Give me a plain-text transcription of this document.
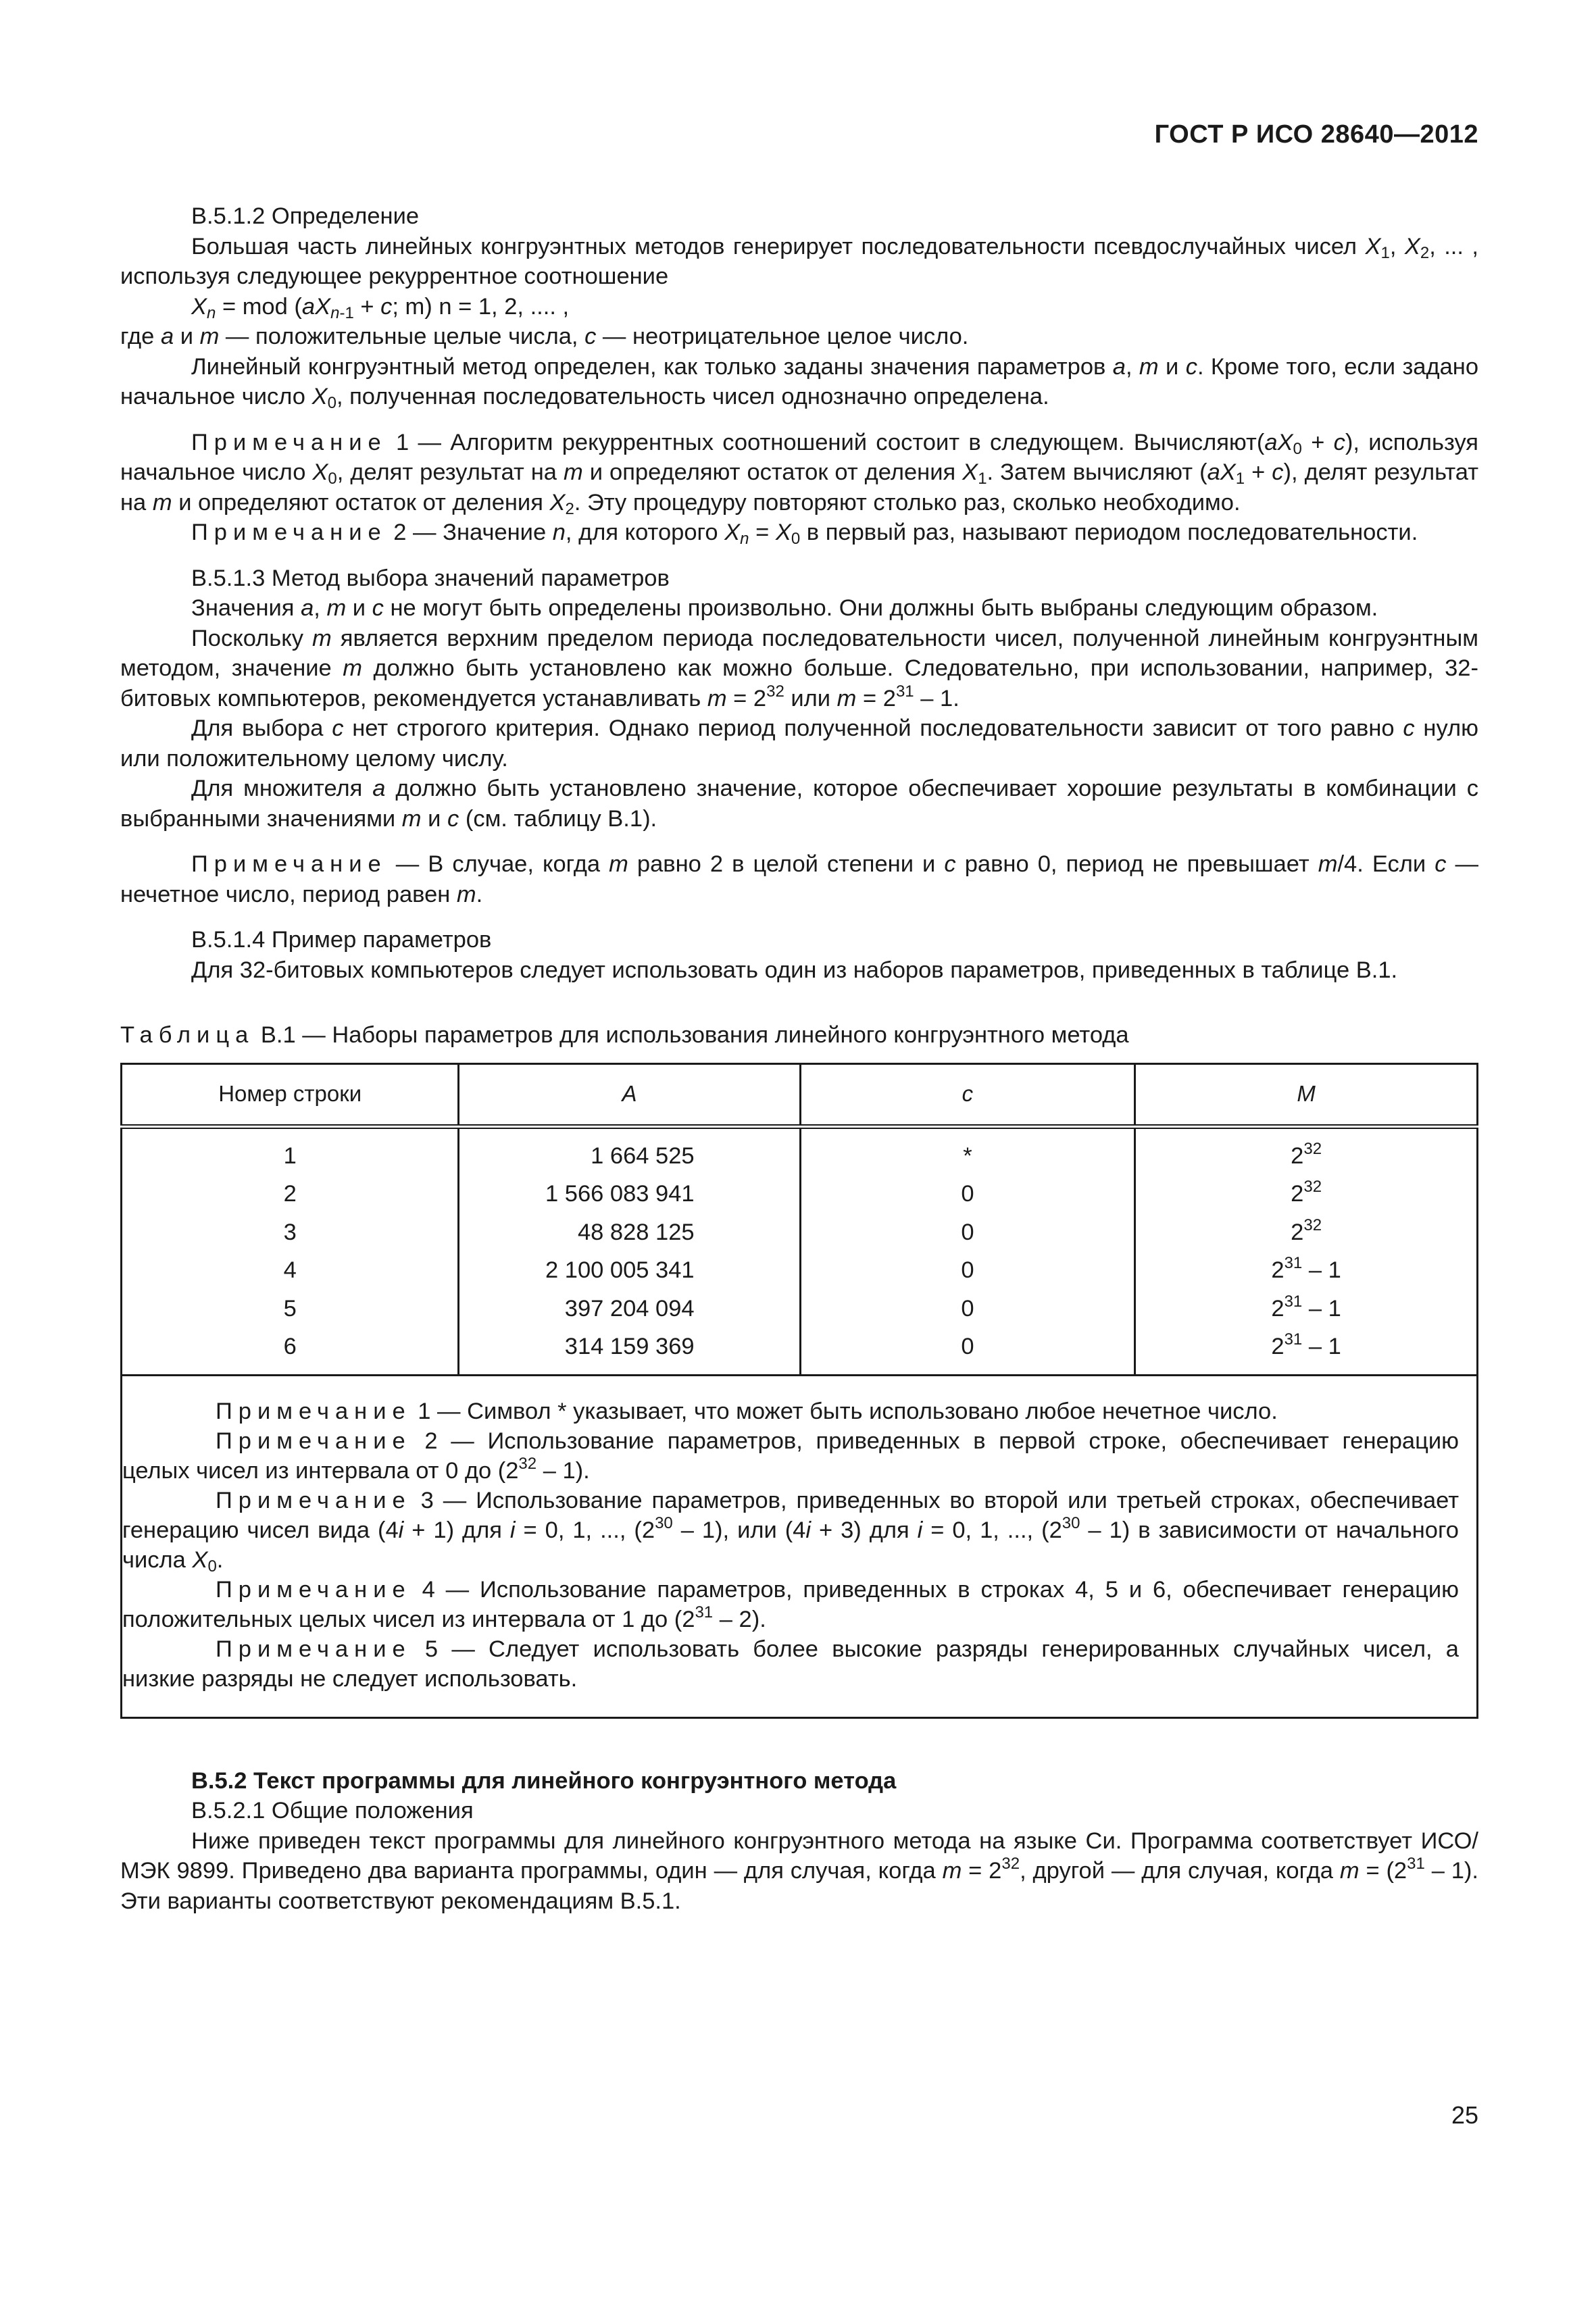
ГОСТ Р ИСО 28640—2012

В.5.1.2 Определение

Большая часть линейных конгруэнтных методов генерирует последовательности псевдослучайных чисел $X_1$, $X_2$, ... , используя следующее рекуррентное соотношение

$X_n$ = mod ($aX_{n-1} + c$; m) n = 1, 2, .... ,

где a и m — положительные целые числа, c — неотрицательное целое число.

Линейный конгруэнтный метод определен, как только заданы значения параметров a, m и c. Кроме того, если задано начальное число $X_0$, полученная последовательность чисел однозначно определена.

Примечание 1 — Алгоритм рекуррентных соотношений состоит в следующем. $Вычисляют(aX_0 + c)$, используя начальное число $X_0$, делят результат на m и определяют остаток от деления $X_1$. Затем вычисляют $(aX_1 + c)$, делят результат на m и определяют остаток от деления $X_2$. Эту процедуру повторяют столько раз, сколько необходимо.

Примечание 2 — Значение n, для которого $X_n = X_0$ в первый раз, называют периодом последовательности.

В.5.1.3 Метод выбора значений параметров

Значения a, m и c не могут быть определены произвольно. Они должны быть выбраны следующим образом.

Поскольку m является верхним пределом периода последовательности чисел, полученной линейным конгруэнтным методом, значение m должно быть установлено как можно больше. Следовательно, при использовании, например, 32-битовых компьютеров, рекомендуется устанавливать $m = 2^{32}$ или $m = 2^{31} - 1$.

Для выбора c нет строгого критерия. Однако период полученной последовательности зависит от того равно c нулю или положительному целому числу.

Для множителя a должно быть установлено значение, которое обеспечивает хорошие результаты в комбинации с выбранными значениями m и c (см. таблицу В.1).

Примечание — В случае, когда m равно 2 в целой степени и c равно 0, период не превышает m/4. Если c — нечетное число, период равен m.

В.5.1.4 Пример параметров

Для 32-битовых компьютеров следует использовать один из наборов параметров, приведенных в таблице В.1.

Таблица В.1 — Наборы параметров для использования линейного конгруэнтного метода

Номер строки	A	c	M
1	1 664 525	*	$2^{32}$
2	1 566 083 941	0	$2^{32}$
3	48 828 125	0	$2^{32}$
4	2 100 005 341	0	$2^{31} - 1$
5	397 204 094	0	$2^{31} - 1$
6	314 159 369	0	$2^{31} - 1$

Примечание 1 — Символ * указывает, что может быть использовано любое нечетное число.

Примечание 2 — Использование параметров, приведенных в первой строке, обеспечивает генерацию целых чисел из интервала от 0 до $(2^{32} - 1)$.

Примечание 3 — Использование параметров, приведенных во второй или третьей строках, обеспечивает генерацию чисел вида (4i + 1) для i = 0, 1, ..., $(2^{30} - 1)$, или (4i + 3) для i = 0, 1, ..., $(2^{30} - 1)$ в зависимости от начального числа $X_0$.

Примечание 4 — Использование параметров, приведенных в строках 4, 5 и 6, обеспечивает генерацию положительных целых чисел из интервала от 1 до $(2^{31} - 2)$.

Примечание 5 — Следует использовать более высокие разряды генерированных случайных чисел, а низкие разряды не следует использовать.

В.5.2 Текст программы для линейного конгруэнтного метода

В.5.2.1 Общие положения

Ниже приведен текст программы для линейного конгруэнтного метода на языке Си. Программа соответствует ИСО/МЭК 9899. Приведено два варианта программы, один — для случая, когда $m = 2^{32}$, другой — для случая, когда $m = (2^{31} - 1)$. Эти варианты соответствуют рекомендациям В.5.1.

25
